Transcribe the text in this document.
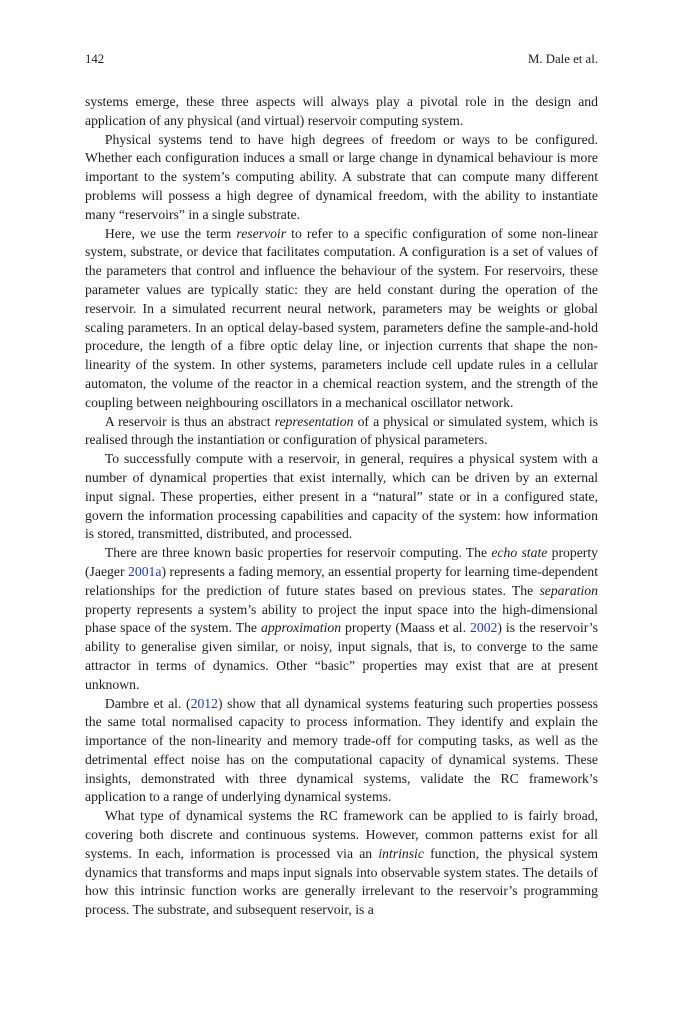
142	M. Dale et al.

systems emerge, these three aspects will always play a pivotal role in the design and application of any physical (and virtual) reservoir computing system.

Physical systems tend to have high degrees of freedom or ways to be configured. Whether each configuration induces a small or large change in dynamical behaviour is more important to the system’s computing ability. A substrate that can compute many different problems will possess a high degree of dynamical freedom, with the ability to instantiate many “reservoirs” in a single substrate.

Here, we use the term reservoir to refer to a specific configuration of some non-linear system, substrate, or device that facilitates computation. A configuration is a set of values of the parameters that control and influence the behaviour of the system. For reservoirs, these parameter values are typically static: they are held constant during the operation of the reservoir. In a simulated recurrent neural network, parameters may be weights or global scaling parameters. In an optical delay-based system, parameters define the sample-and-hold procedure, the length of a fibre optic delay line, or injection currents that shape the non-linearity of the system. In other systems, parameters include cell update rules in a cellular automaton, the volume of the reactor in a chemical reaction system, and the strength of the coupling between neighbouring oscillators in a mechanical oscillator network.

A reservoir is thus an abstract representation of a physical or simulated system, which is realised through the instantiation or configuration of physical parameters.

To successfully compute with a reservoir, in general, requires a physical system with a number of dynamical properties that exist internally, which can be driven by an external input signal. These properties, either present in a “natural” state or in a configured state, govern the information processing capabilities and capacity of the system: how information is stored, transmitted, distributed, and processed.

There are three known basic properties for reservoir computing. The echo state property (Jaeger 2001a) represents a fading memory, an essential property for learning time-dependent relationships for the prediction of future states based on previous states. The separation property represents a system’s ability to project the input space into the high-dimensional phase space of the system. The approximation property (Maass et al. 2002) is the reservoir’s ability to generalise given similar, or noisy, input signals, that is, to converge to the same attractor in terms of dynamics. Other “basic” properties may exist that are at present unknown.

Dambre et al. (2012) show that all dynamical systems featuring such properties possess the same total normalised capacity to process information. They identify and explain the importance of the non-linearity and memory trade-off for computing tasks, as well as the detrimental effect noise has on the computational capacity of dynamical systems. These insights, demonstrated with three dynamical systems, validate the RC framework’s application to a range of underlying dynamical systems.

What type of dynamical systems the RC framework can be applied to is fairly broad, covering both discrete and continuous systems. However, common patterns exist for all systems. In each, information is processed via an intrinsic function, the physical system dynamics that transforms and maps input signals into observable system states. The details of how this intrinsic function works are generally irrelevant to the reservoir’s programming process. The substrate, and subsequent reservoir, is a
